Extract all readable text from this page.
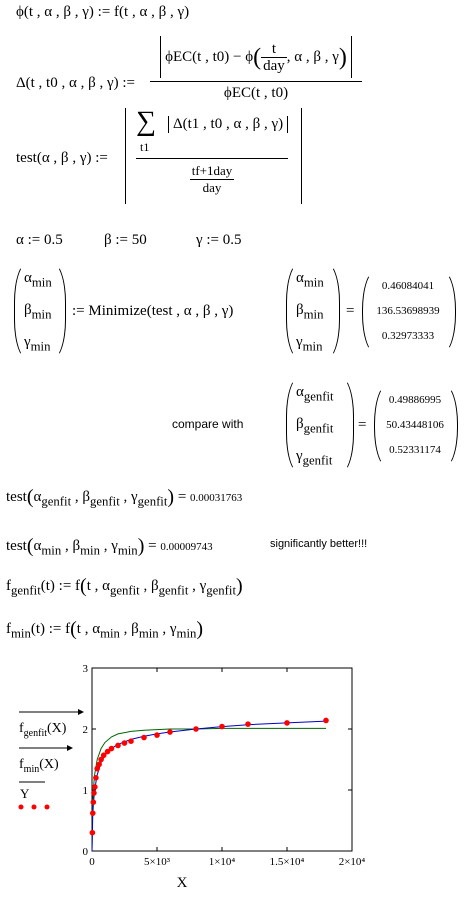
ϕ(t , α , β , γ) := f(t , α , β , γ)
Δ(t , t0 , α , β , γ) :=
ϕEC(t , $t0) - \phi( \frac{t}{\text{day}}$ , α , β , γ)
ϕEC(t , t0)
test(α , β , γ) :=
∑
t1
Δ(t1 , t0 , α , β , γ)
$\frac{\text{tf+1day}}{\text{day}}$
α := 0.5	β := 50	γ := 0.5
$\alpha_{min}$
$\beta_{min}$
$\gamma_{min}$
:= Minimize(test , α , β , γ)
$\alpha_{min}$
$\beta_{min}$
$\gamma_{min}$
=
0.46084041
136.53698939
0.32973333
compare with
$\alpha_{genfit}$
$\beta_{genfit}$
$\gamma_{genfit}$
=
0.49886995
50.43448106
0.52331174
$test(\alpha_{genfit}$ , $\beta_{genfit}$ , $\gamma_{genfit}) = 0.00031763$
$test(\alpha_{min}$ , $\beta_{min}$ , $\gamma_{min}) = 0.00009743$	significantly better!!!
$f_{genfit}(t)$ := f(t , $\alpha_{genfit}$ , $\beta_{genfit}$ , $\gamma_{genfit}$)
$f_{min}(t)$ := f(t , $\alpha_{min}$ , $\beta_{min}$ , $\gamma_{min}$)
$f_{genfit}(X)$
$f_{min}(X)$
Y
0	5×10³	1×10⁴	1.5×10⁴	2×10⁴
0
1
2
3
X
